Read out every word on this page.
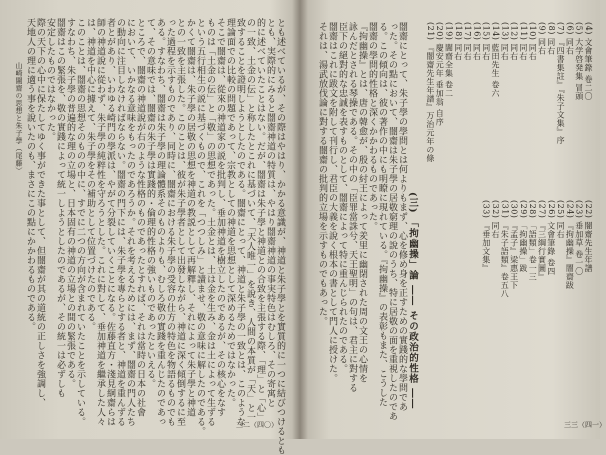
とも述べているが、その際はやはり、かかる意識が、神道と朱子學とを實質的に一つに結びつけるとも
とも、実際的にみると闇齋神道の特質は、やはり闇齋神道の事実特色はむしろ、その寄寓と
的に述べていたことはない。だが、闇齋は朱子學と神道との合致を主張する際、「理」と「心」
の一致、土金の伝」と称したとこれに基づいて、「天人唯一」を說き、人間の本質が「天」と一
致することを證明しようとしたのである。闇齋にとって、神道と朱子學の一致とは、このような
理論面での比較の問題であって、宗教としての神道を思想として深めるためではなかった。
そこで闇齋は、從來の神道家の説を批判し、垂加神道を樹立したのであるが、その核心をなす
ものは「土金の伝」と「敬」の思想であった。土金とは、土は金を生み、金は土によって生ずる
という五行相生の説に基づくもので、これを「つつしみ」と讀ませ、敬の意味に解したのである。
かくて闇齋は、朱子學の居敬の思想を神道の教説として再解釋し、それによって朱子學と神道
との一致を主張した。このことは、彼が朱子學者として出發しながら、神道に深く傾倒するに至
った過程を示すものであり、同時に、闇齋における朱子學の受容の仕方の特色を物語るものでも
ある。すなわち、闇齋は朱子學の理論體系そのものよりも、むしろ敬の實踐を重んじたのであっ
て、その意味では、闇齋の朱子學は實踐的・倫理的性格の強いものであったといえる。
ところで、闇齋の神道說が右のような性格のものであったとすれば、それは當時の日本の社會
において、いかなる意味をもったのであろうか。それを考えるためには、まず、闇齋の門人たち
の動向に注目しなければならない。闇齋の門下には、朱子學を專らとする者と、神道を重んずる
者とがあり、いわゆる崎門の學派は、やがて分裂していくことになる。佐藤直方・淺見絅齋らは
師の神道說に從わず、朱子學の純粹性を守ろうとした。これに對して、垂加神道を繼承した人々
は、神道を中心に據えて、朱子學をその補助として位置づけたのである。
このことは、闇齋の思想そのものの中に、すでに二つの方向が含まれていたことを示している。
すなわち、朱子學の普遍的な理の立場と、日本固有の神道の立場との間の緊張である。
闇齋はこの緊張を、敬の實踐によって統一しようとしたのであるが、その統一は必ずしも
安定したものではなかった。
際の天下の心中に保たしてゆく事ができた事として、但闇齋が其の道統の正しさを強調し、
天地人の理に適う事を說いたのも、まさにこの點にかかわるものである。
山崎闇齋の思想と朱子學（尾藤）
三二（四〇）
(4) 文會筆錄 卷二〇
(5) 大学啓発集 冒頭
(6) 同右
(7) 『四書集註』『朱子文集』序
(8) 同右
(9) 同右
(10) 同右
(11) 同右
(12) 同右
(13) 同右
(14) 藍田先生 卷六
(15) 同右
(16) 同右
(17) 同右
(18) 同右
(19) 闇齋全集 卷二
(20) 慶安元年 垂加翁 自序
(21) 『闇齋先生年譜』万治元年の條
(三) 「拘幽操」論 ―― その政治的性格 ――
闇齋にとって、朱子學の學問とは何よりもまず、心を修め身を正すための實踐的な學問であ
った。その點において、闇齋は朱子學の居敬窮理の說のうち、特に居敬の面を重視したのであ
る。この傾向は、彼の著作の中にも明瞭に現れている。『拘幽操』の表彰もまた、こうした
闇齋の學問的性格と深くかかわるものであった。
『拘幽操』とは、唐の韓愈が、殷の紂王によって羑里に幽閉された周の文王の心情を
詠んだとされる琴操である。その中の「臣罪當誅兮、天王聖明」の句は、君主に對する
臣下の絕對的な忠誠を表すものとして、闇齋によって特に重んじられたのである。
闇齋はこれに跋文を附して刊行し、君臣の大義を說く根本の書として門人に授けた。
それは、湯武放伐論に對する闇齋の批判的立場を示すものでもあった。	(22) 闇齋先生年譜
(23) 垂加草 卷一〇
(24) 『拘幽操』闇齋跋
(25) 同右
(26) 文會筆錄 卷四
(27) 『三綱行實圖』
(28) 「語類」卷一三
(29) 「拘幽操」跋
(30) 『孟子』梁惠王下
(31) 『朱子語類』卷五八
(32) 同右
(33) 『垂加文集』
三三（四一）
